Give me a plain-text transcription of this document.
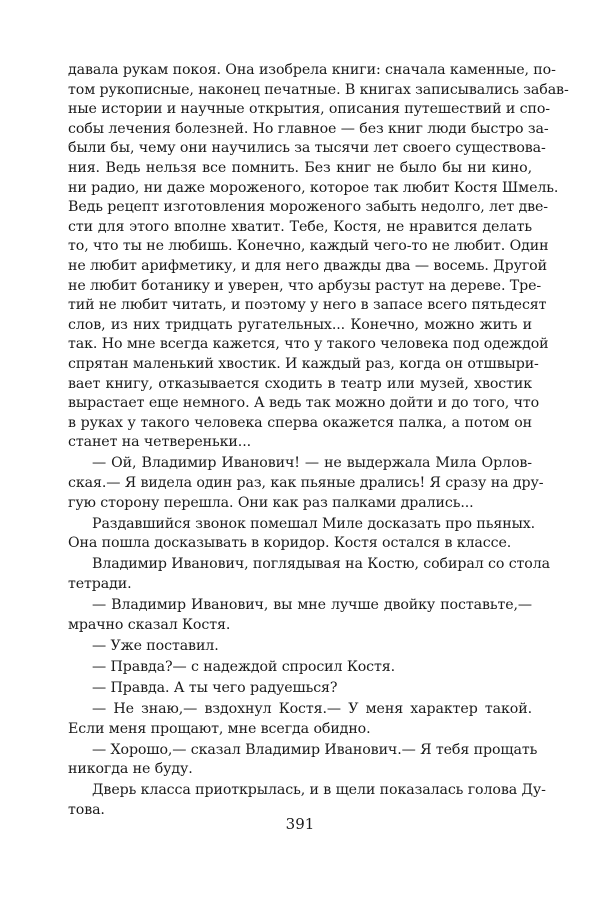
давала рукам покоя. Она изобрела книги: сначала каменные, по-
том рукописные, наконец печатные. В книгах записывались забав-
ные истории и научные открытия, описания путешествий и спо-
собы лечения болезней. Но главное — без книг люди быстро за-
были бы, чему они научились за тысячи лет своего существова-
ния. Ведь нельзя все помнить. Без книг не было бы ни кино,
ни радио, ни даже мороженого, которое так любит Костя Шмель.
Ведь рецепт изготовления мороженого забыть недолго, лет две-
сти для этого вполне хватит. Тебе, Костя, не нравится делать
то, что ты не любишь. Конечно, каждый чего-то не любит. Один
не любит арифметику, и для него дважды два — восемь. Другой
не любит ботанику и уверен, что арбузы растут на дереве. Тре-
тий не любит читать, и поэтому у него в запасе всего пятьдесят
слов, из них тридцать ругательных... Конечно, можно жить и
так. Но мне всегда кажется, что у такого человека под одеждой
спрятан маленький хвостик. И каждый раз, когда он отшвыри-
вает книгу, отказывается сходить в театр или музей, хвостик
вырастает еще немного. А ведь так можно дойти и до того, что
в руках у такого человека сперва окажется палка, а потом он
станет на четвереньки...
— Ой, Владимир Иванович! — не выдержала Мила Орлов-
ская.— Я видела один раз, как пьяные дрались! Я сразу на дру-
гую сторону перешла. Они как раз палками дрались...
Раздавшийся звонок помешал Миле досказать про пьяных.
Она пошла досказывать в коридор. Костя остался в классе.
Владимир Иванович, поглядывая на Костю, собирал со стола
тетради.
— Владимир Иванович, вы мне лучше двойку поставьте,—
мрачно сказал Костя.
— Уже поставил.
— Правда?— с надеждой спросил Костя.
— Правда. А ты чего радуешься?
— Не знаю,— вздохнул Костя.— У меня характер такой.
Если меня прощают, мне всегда обидно.
— Хорошо,— сказал Владимир Иванович.— Я тебя прощать
никогда не буду.
Дверь класса приоткрылась, и в щели показалась голова Ду-
това.
391
